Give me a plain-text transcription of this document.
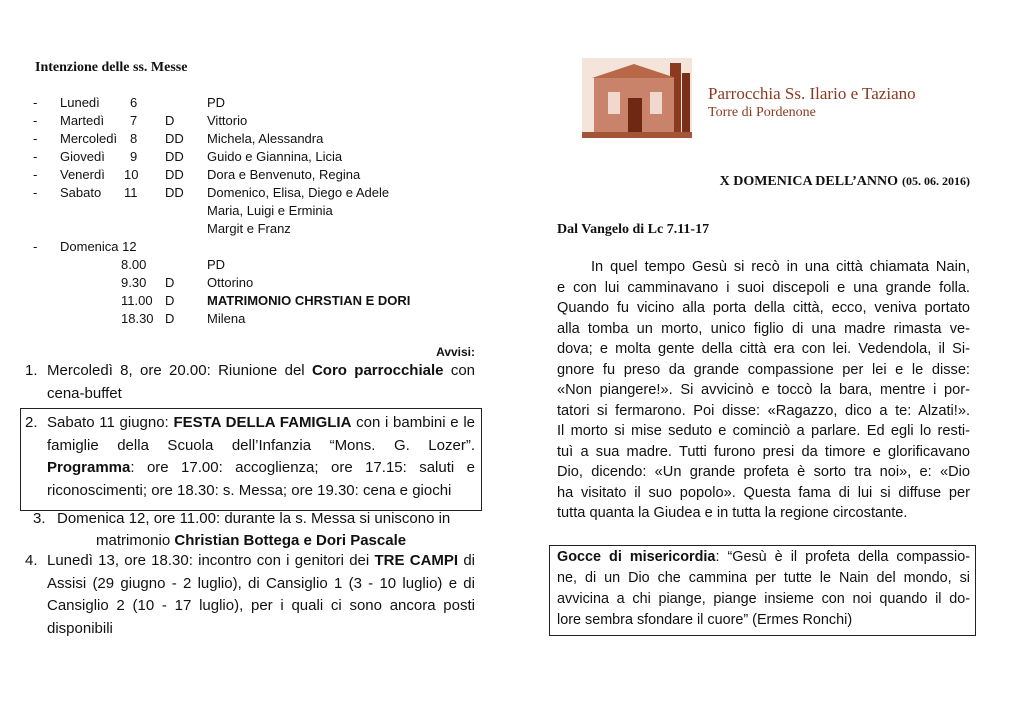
Intenzione delle ss. Messe
- Lunedì 6	PD
- Martedì 7 D	Vittorio
- Mercoledì 8 DD Michela, Alessandra
- Giovedì 9 DD Guido e Giannina, Licia
- Venerdì 10 DD Dora e Benvenuto, Regina
- Sabato 11 DD Domenico, Elisa, Diego e Adele
Maria, Luigi e Erminia
Margit e Franz
- Domenica 12
8.00	PD
9.30 D	Ottorino
11.00 D	MATRIMONIO CHRSTIAN E DORI
18.30 D	Milena
Avvisi:
1. Mercoledì 8, ore 20.00: Riunione del Coro parrocchiale con cena-buffet
2. Sabato 11 giugno: FESTA DELLA FAMIGLIA con i bambini e le famiglie della Scuola dell’Infanzia “Mons. G. Lozer”. Programma: ore 17.00: accoglienza; ore 17.15: saluti e riconoscimenti; ore 18.30: s. Messa; ore 19.30: cena e giochi
3. Domenica 12, ore 11.00: durante la s. Messa si uniscono in
matrimonio Christian Bottega e Dori Pascale
4. Lunedì 13, ore 18.30: incontro con i genitori dei TRE CAMPI di Assisi (29 giugno - 2 luglio), di Cansiglio 1 (3 - 10 luglio) e di Cansiglio 2 (10 - 17 luglio), per i quali ci sono ancora posti disponibili
Parrocchia Ss. Ilario e Taziano
Torre di Pordenone
X DOMENICA DELL’ANNO (05. 06. 2016)
Dal Vangelo di Lc 7.11-17
In quel tempo Gesù si recò in una città chiamata Nain,
e con lui camminavano i suoi discepoli e una grande folla.
Quando fu vicino alla porta della città, ecco, veniva portato
alla tomba un morto, unico figlio di una madre rimasta ve-
dova; e molta gente della città era con lei. Vedendola, il Si-
gnore fu preso da grande compassione per lei e le disse:
«Non piangere!». Si avvicinò e toccò la bara, mentre i por-
tatori si fermarono. Poi disse: «Ragazzo, dico a te: Alzati!».
Il morto si mise seduto e cominciò a parlare. Ed egli lo resti-
tuì a sua madre. Tutti furono presi da timore e glorificavano
Dio, dicendo: «Un grande profeta è sorto tra noi», e: «Dio
ha visitato il suo popolo». Questa fama di lui si diffuse per
tutta quanta la Giudea e in tutta la regione circostante.
Gocce di misericordia: “Gesù è il profeta della compassio-
ne, di un Dio che cammina per tutte le Nain del mondo, si
avvicina a chi piange, piange insieme con noi quando il do-
lore sembra sfondare il cuore” (Ermes Ronchi)
